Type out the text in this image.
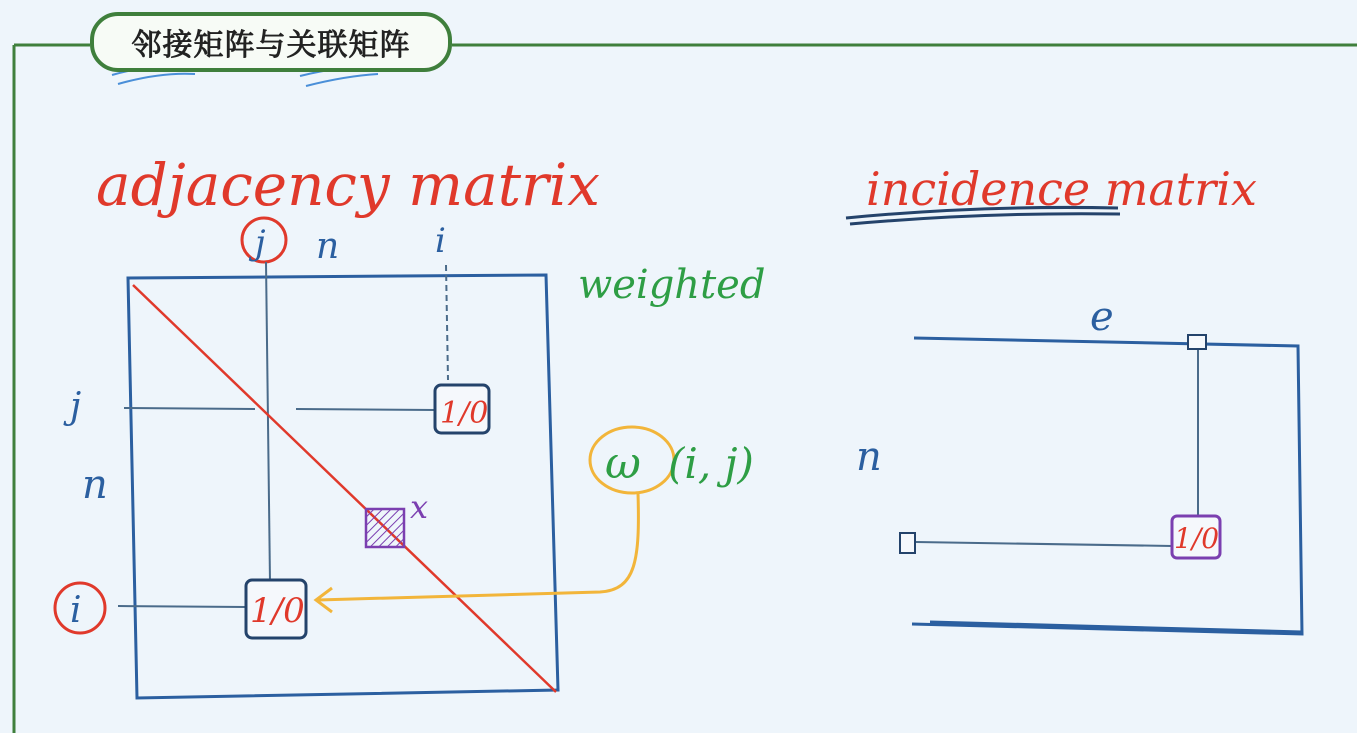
adjacency matrix
j n	i
j
n
i
1/0
1/0
x
weighted
ω (i, j)
incidence matrix
e
n
1/0
邻接矩阵与关联矩阵
